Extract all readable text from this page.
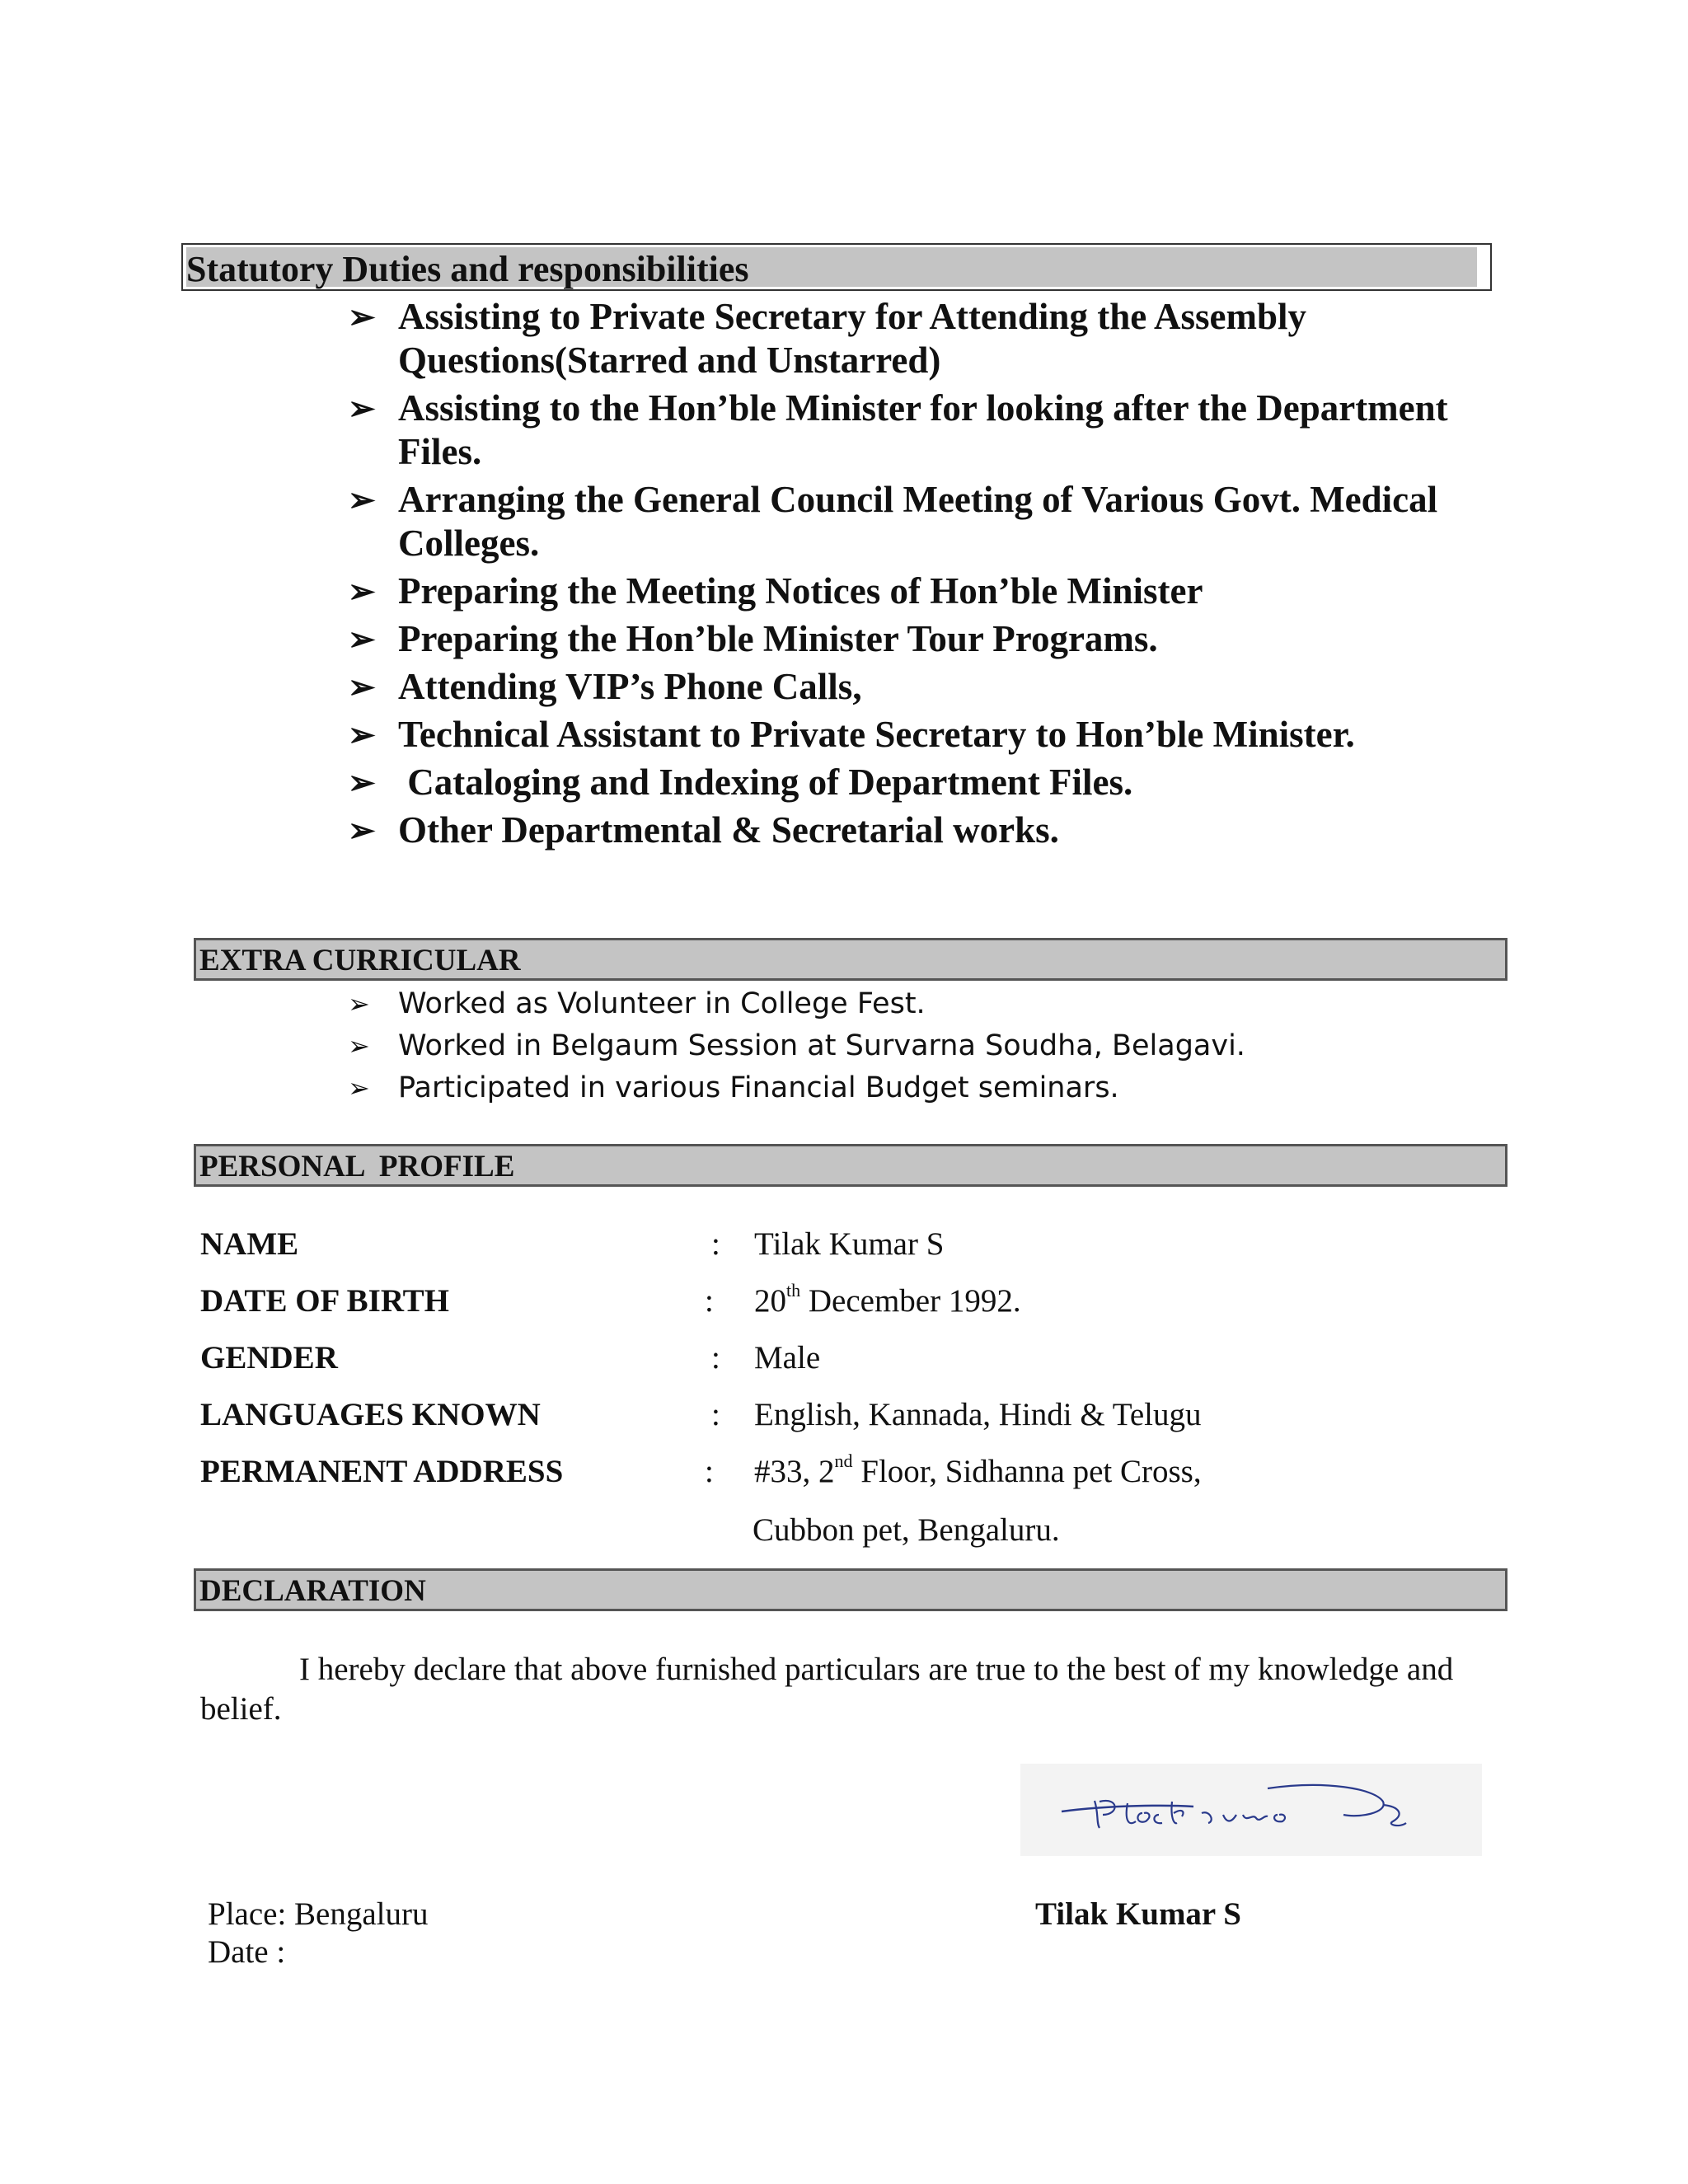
Statutory Duties and responsibilities
➢ Assisting to Private Secretary for Attending the Assembly Questions(Starred and Unstarred)
➢ Assisting to the Hon’ble Minister for looking after the Department Files.
➢ Arranging the General Council Meeting of Various Govt. Medical Colleges.
➢ Preparing the Meeting Notices of Hon’ble Minister
➢ Preparing the Hon’ble Minister Tour Programs.
➢ Attending VIP’s Phone Calls,
➢ Technical Assistant to Private Secretary to Hon’ble Minister.
➢ Cataloging and Indexing of Department Files.
➢ Other Departmental & Secretarial works.
EXTRA CURRICULAR
➢ Worked as Volunteer in College Fest.
➢ Worked in Belgaum Session at Survarna Soudha, Belagavi.
➢ Participated in various Financial Budget seminars.
PERSONAL  PROFILE
NAME	: Tilak Kumar S
DATE OF BIRTH	: 20th December 1992.
GENDER	: Male
LANGUAGES KNOWN	: English, Kannada, Hindi & Telugu
PERMANENT ADDRESS	: #33, 2nd Floor, Sidhanna pet Cross,
Cubbon pet, Bengaluru.
DECLARATION
I hereby declare that above furnished particulars are true to the best of my knowledge and belief.
Place: Bengaluru
Date :
Tilak Kumar S
